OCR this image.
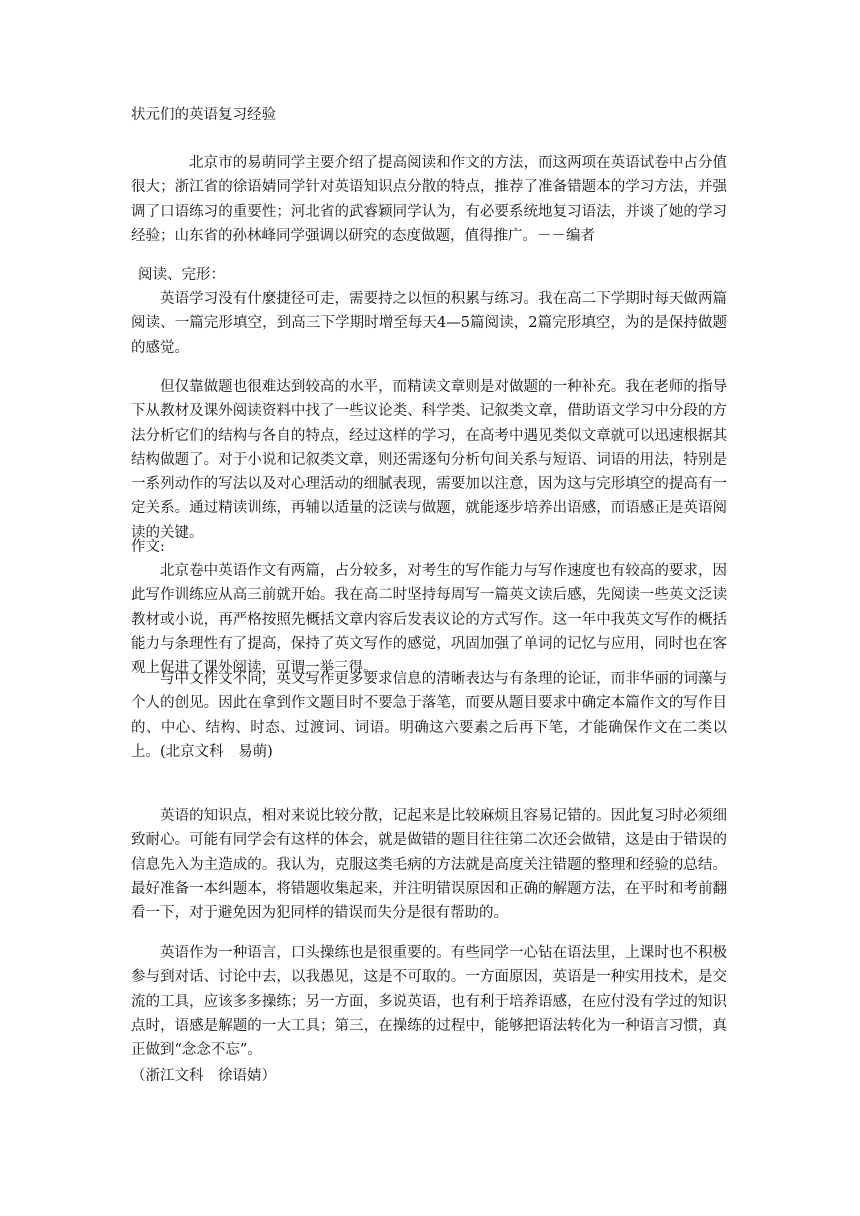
状元们的英语复习经验
北京市的易萌同学主要介绍了提高阅读和作文的方法，而这两项在英语试卷中占分值很大；浙江省的徐语婧同学针对英语知识点分散的特点，推荐了准备错题本的学习方法，并强调了口语练习的重要性；河北省的武睿颖同学认为，有必要系统地复习语法，并谈了她的学习经验；山东省的孙林峰同学强调以研究的态度做题，值得推广。－－编者
阅读、完形：
英语学习没有什麼捷径可走，需要持之以恒的积累与练习。我在高二下学期时每天做两篇阅读、一篇完形填空，到高三下学期时增至每天4—5篇阅读，2篇完形填空，为的是保持做题的感觉。
但仅靠做题也很难达到较高的水平，而精读文章则是对做题的一种补充。我在老师的指导下从教材及课外阅读资料中找了一些议论类、科学类、记叙类文章，借助语文学习中分段的方法分析它们的结构与各自的特点，经过这样的学习，在高考中遇见类似文章就可以迅速根据其结构做题了。对于小说和记叙类文章，则还需逐句分析句间关系与短语、词语的用法，特别是一系列动作的写法以及对心理活动的细腻表现，需要加以注意，因为这与完形填空的提高有一定关系。通过精读训练，再辅以适量的泛读与做题，就能逐步培养出语感，而语感正是英语阅读的关键。
作文:
北京卷中英语作文有两篇，占分较多，对考生的写作能力与写作速度也有较高的要求，因此写作训练应从高三前就开始。我在高二时坚持每周写一篇英文读后感，先阅读一些英文泛读教材或小说，再严格按照先概括文章内容后发表议论的方式写作。这一年中我英文写作的概括能力与条理性有了提高，保持了英文写作的感觉，巩固加强了单词的记忆与应用，同时也在客观上促进了课外阅读，可谓一举三得。
与中文作文不同，英文写作更多要求信息的清晰表达与有条理的论证，而非华丽的词藻与个人的创见。因此在拿到作文题目时不要急于落笔，而要从题目要求中确定本篇作文的写作目的、中心、结构、时态、过渡词、词语。明确这六要素之后再下笔，才能确保作文在二类以上。(北京文科　易萌)
英语的知识点，相对来说比较分散，记起来是比较麻烦且容易记错的。因此复习时必须细致耐心。可能有同学会有这样的体会，就是做错的题目往往第二次还会做错，这是由于错误的信息先入为主造成的。我认为，克服这类毛病的方法就是高度关注错题的整理和经验的总结。最好准备一本纠题本，将错题收集起来，并注明错误原因和正确的解题方法，在平时和考前翻看一下，对于避免因为犯同样的错误而失分是很有帮助的。
英语作为一种语言，口头操练也是很重要的。有些同学一心钻在语法里，上课时也不积极参与到对话、讨论中去，以我愚见，这是不可取的。一方面原因，英语是一种实用技术，是交流的工具，应该多多操练；另一方面，多说英语，也有利于培养语感，在应付没有学过的知识点时，语感是解题的一大工具；第三，在操练的过程中，能够把语法转化为一种语言习惯，真正做到“念念不忘”。
（浙江文科　徐语婧）
